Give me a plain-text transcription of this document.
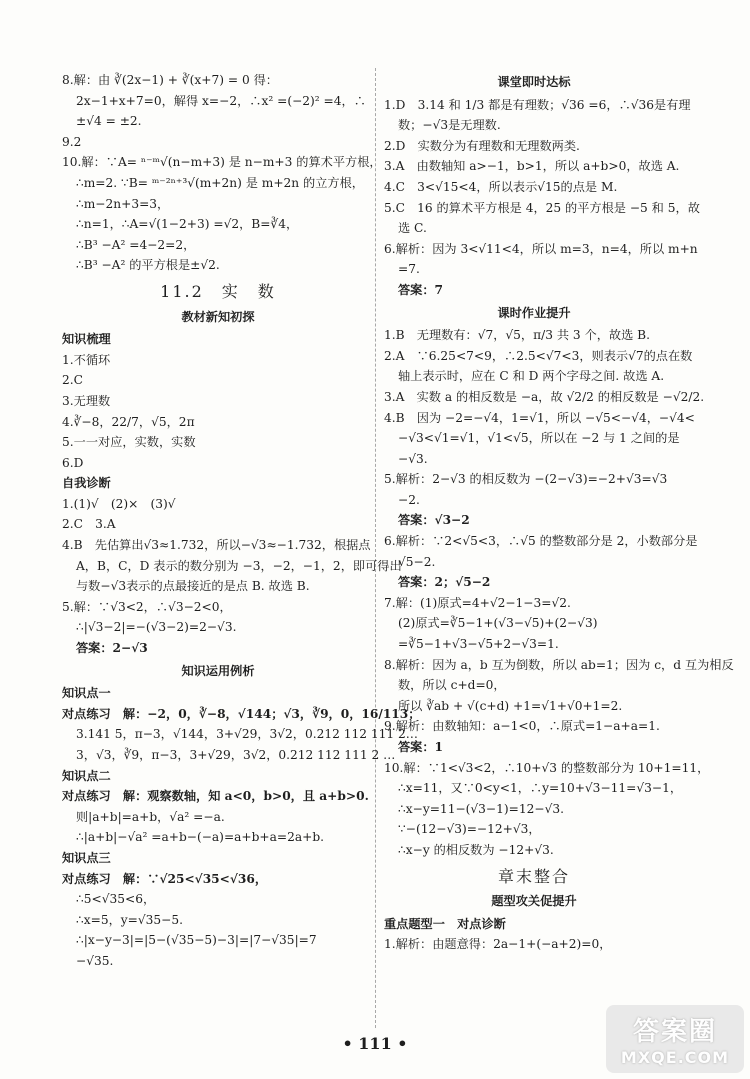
8.解：由 ∛(2x−1) + ∛(x+7) = 0 得：
2x−1+x+7=0，解得 x=−2，∴x² =(−2)² =4，∴
±√4 = ±2.
9.2
10.解：∵A= ⁿ⁻ᵐ√(n−m+3) 是 n−m+3 的算术平方根，
∴m=2. ∵B= ᵐ⁻²ⁿ⁺³√(m+2n) 是 m+2n 的立方根，
∴m−2n+3=3，
∴n=1，∴A=√(1−2+3) =√2，B=∛4，
∴B³ −A² =4−2=2，
∴B³ −A² 的平方根是±√2.
11.2　实　数
教材新知初探
知识梳理
1.不循环
2.C
3.无理数
4.∛−8，22/7，√5，2π
5.一一对应，实数，实数
6.D
自我诊断
1.(1)√　(2)×　(3)√
2.C　3.A
4.B　先估算出√3≈1.732，所以−√3≈−1.732，根据点
A，B，C，D 表示的数分别为 −3，−2，−1，2，即可得出
与数−√3表示的点最接近的是点 B. 故选 B.
5.解：∵√3<2，∴√3−2<0，
∴|√3−2|=−(√3−2)=2−√3.
答案：2−√3
知识运用例析
知识点一
对点练习　解：−2，0，∛−8，√144；√3，∛9，0，16/113；
3.141 5，π−3，√144，3+√29，3√2，0.212 112 111 2…
3，√3，∛9，π−3，3+√29，3√2，0.212 112 111 2 …
知识点二
对点练习　解：观察数轴，知 a<0，b>0，且 a+b>0.
则|a+b|=a+b，√a² =−a.
∴|a+b|−√a² =a+b−(−a)=a+b+a=2a+b.
知识点三
对点练习　解：∵√25<√35<√36，
∴5<√35<6，
∴x=5，y=√35−5.
∴|x−y−3|=|5−(√35−5)−3|=|7−√35|=7
−√35.
课堂即时达标
1.D　3.14 和 1/3 都是有理数；√36 =6，∴√36是有理
数；−√3是无理数.
2.D　实数分为有理数和无理数两类.
3.A　由数轴知 a>−1，b>1，所以 a+b>0，故选 A.
4.C　3<√15<4，所以表示√15的点是 M.
5.C　16 的算术平方根是 4，25 的平方根是 −5 和 5，故
选 C.
6.解析：因为 3<√11<4，所以 m=3，n=4，所以 m+n
=7.
答案：7
课时作业提升
1.B　无理数有：√7，√5，π/3 共 3 个，故选 B.
2.A　∵6.25<7<9，∴2.5<√7<3，则表示√7的点在数
轴上表示时，应在 C 和 D 两个字母之间. 故选 A.
3.A　实数 a 的相反数是 −a，故 √2/2 的相反数是 −√2/2.
4.B　因为 −2=−√4，1=√1，所以 −√5<−√4，−√4<
−√3<√1=√1，√1<√5，所以在 −2 与 1 之间的是
−√3.
5.解析：2−√3 的相反数为 −(2−√3)=−2+√3=√3
−2.
答案：√3−2
6.解析：∵2<√5<3，∴√5 的整数部分是 2，小数部分是
√5−2.
答案：2；√5−2
7.解：(1)原式=4+√2−1−3=√2.
(2)原式=∛5−1+(√3−√5)+(2−√3)
=∛5−1+√3−√5+2−√3=1.
8.解析：因为 a，b 互为倒数，所以 ab=1；因为 c，d 互为相反
数，所以 c+d=0，
所以 ∛ab + √(c+d) +1=√1+√0+1=2.
9.解析：由数轴知：a−1<0，∴原式=1−a+a=1.
答案：1
10.解：∵1<√3<2，∴10+√3 的整数部分为 10+1=11，
∴x=11，又∵0<y<1，∴y=10+√3−11=√3−1，
∴x−y=11−(√3−1)=12−√3.
∵−(12−√3)=−12+√3，
∴x−y 的相反数为 −12+√3.
章末整合
题型攻关促提升
重点题型一　对点诊断
1.解析：由题意得：2a−1+(−a+2)=0，
• 111 •	答案圈
MXQE.COM
